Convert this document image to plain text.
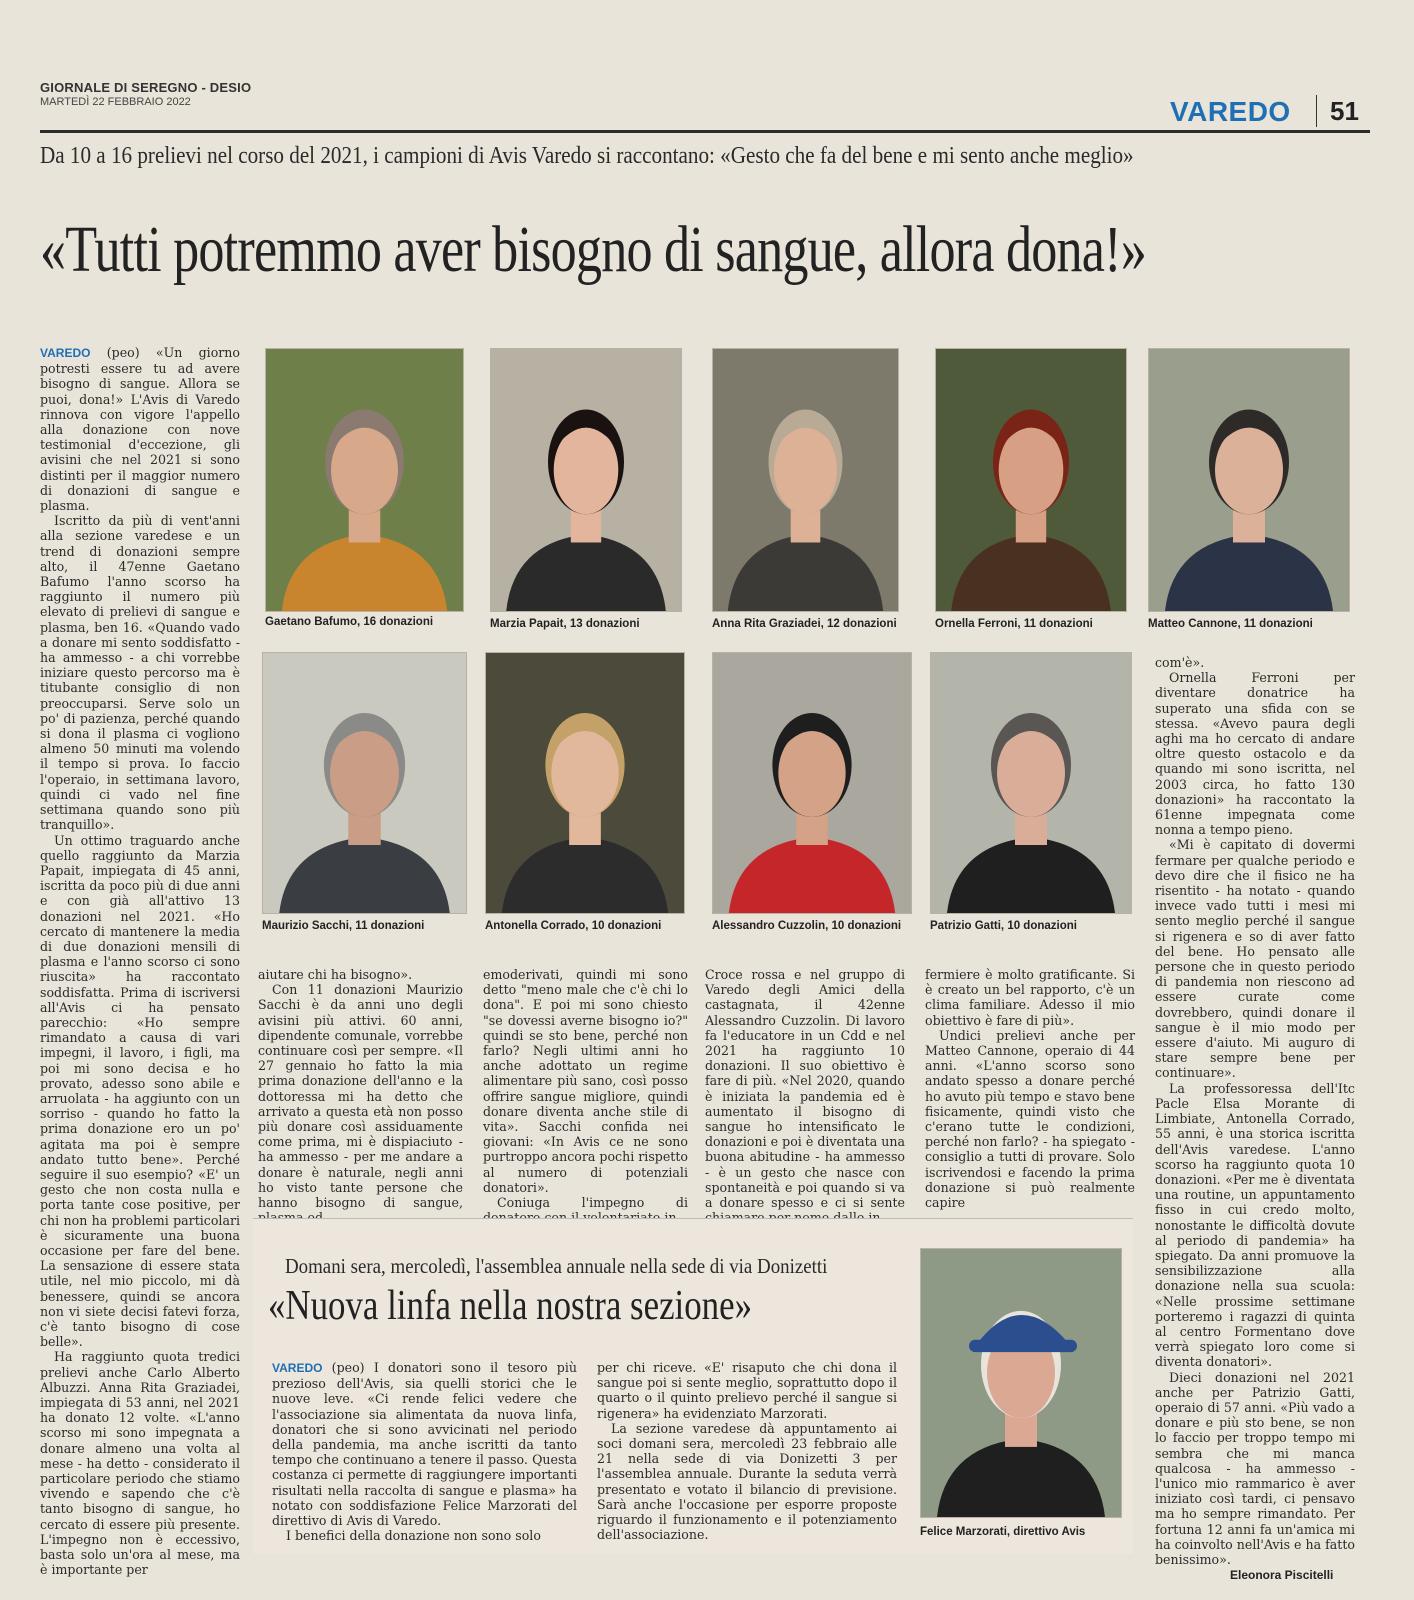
GIORNALE DI SEREGNO - DESIO
MARTEDÌ 22 FEBBRAIO 2022	VAREDO 51
Da 10 a 16 prelievi nel corso del 2021, i campioni di Avis Varedo si raccontano: «Gesto che fa del bene e mi sento anche meglio»
«Tutti potremmo aver bisogno di sangue, allora dona!»

VAREDO (peo) «Un giorno potresti essere tu ad avere bisogno di sangue. Allora se puoi, dona!» L'Avis di Varedo rinnova con vigore l'appello alla donazione con nove testimonial d'eccezione, gli avisini che nel 2021 si sono distinti per il maggior numero di donazioni di sangue e plasma.

Iscritto da più di vent'anni alla sezione varedese e un trend di donazioni sempre alto, il 47enne Gaetano Bafumo l'anno scorso ha raggiunto il numero più elevato di prelievi di sangue e plasma, ben 16. «Quando vado a donare mi sento soddisfatto - ha ammesso - a chi vorrebbe iniziare questo percorso ma è titubante consiglio di non preoccuparsi. Serve solo un po' di pazienza, perché quando si dona il plasma ci vogliono almeno 50 minuti ma volendo il tempo si prova. Io faccio l'operaio, in settimana lavoro, quindi ci vado nel fine settimana quando sono più tranquillo».

Un ottimo traguardo anche quello raggiunto da Marzia Papait, impiegata di 45 anni, iscritta da poco più di due anni e con già all'attivo 13 donazioni nel 2021. «Ho cercato di mantenere la media di due donazioni mensili di plasma e l'anno scorso ci sono riuscita» ha raccontato soddisfatta. Prima di iscriversi all'Avis ci ha pensato parecchio: «Ho sempre rimandato a causa di vari impegni, il lavoro, i figli, ma poi mi sono decisa e ho provato, adesso sono abile e arruolata - ha aggiunto con un sorriso - quando ho fatto la prima donazione ero un po' agitata ma poi è sempre andato tutto bene». Perché seguire il suo esempio? «E' un gesto che non costa nulla e porta tante cose positive, per chi non ha problemi particolari è sicuramente una buona occasione per fare del bene. La sensazione di essere stata utile, nel mio piccolo, mi dà benessere, quindi se ancora non vi siete decisi fatevi forza, c'è tanto bisogno di cose belle».

Ha raggiunto quota tredici prelievi anche Carlo Alberto Albuzzi. Anna Rita Graziadei, impiegata di 53 anni, nel 2021 ha donato 12 volte. «L'anno scorso mi sono impegnata a donare almeno una volta al mese - ha detto - considerato il particolare periodo che stiamo vivendo e sapendo che c'è tanto bisogno di sangue, ho cercato di essere più presente. L'impegno non è eccessivo, basta solo un'ora al mese, ma è importante per

Gaetano Bafumo, 16 donazioni	Marzia Papait, 13 donazioni	Anna Rita Graziadei, 12 donazioni	Ornella Ferroni, 11 donazioni	Matteo Cannone, 11 donazioni
Maurizio Sacchi, 11 donazioni	Antonella Corrado, 10 donazioni	Alessandro Cuzzolin, 10 donazioni	Patrizio Gatti, 10 donazioni

aiutare chi ha bisogno».

Con 11 donazioni Maurizio Sacchi è da anni uno degli avisini più attivi. 60 anni, dipendente comunale, vorrebbe continuare così per sempre. «Il 27 gennaio ho fatto la mia prima donazione dell'anno e la dottoressa mi ha detto che arrivato a questa età non posso più donare così assiduamente come prima, mi è dispiaciuto - ha ammesso - per me andare a donare è naturale, negli anni ho visto tante persone che hanno bisogno di sangue,

emoderivati, quindi mi sono detto "meno male che c'è chi lo dona". E poi mi sono chiesto "se dovessi averne bisogno io?" quindi se sto bene, perché non farlo? Negli ultimi anni ho anche adottato un regime alimentare più sano, così posso offrire sangue migliore, quindi donare diventa anche stile di vita». Sacchi confida nei giovani: «In Avis ce ne sono purtroppo ancora pochi rispetto al numero di potenziali donatori».

Coniuga l'impegno di

Croce rossa e nel gruppo di Varedo degli Amici della castagnata, il 42enne Alessandro Cuzzolin. Di lavoro fa l'educatore in un Cdd e nel 2021 ha raggiunto 10 donazioni. Il suo obiettivo è fare di più. «Nel 2020, quando è iniziata la pandemia ed è aumentato il bisogno di sangue ho intensificato le donazioni e poi è diventata una buona abitudine - ha ammesso - è un gesto che nasce con spontaneità e poi quando si va a donare spesso e ci si sente

fermiere è molto gratificante. Si è creato un bel rapporto, c'è un clima familiare. Adesso il mio obiettivo è fare di più».

Undici prelievi anche per Matteo Cannone, operaio di 44 anni. «L'anno scorso sono andato spesso a donare perché ho avuto più tempo e stavo bene fisicamente, quindi visto che c'erano tutte le condizioni, perché non farlo? - ha spiegato - consiglio a tutti di provare. Solo iscrivendosi e facendo la prima donazione si può realmente capire

com'è».

Ornella Ferroni per diventare donatrice ha superato una sfida con se stessa. «Avevo paura degli aghi ma ho cercato di andare oltre questo ostacolo e da quando mi sono iscritta, nel 2003 circa, ho fatto 130 donazioni» ha raccontato la 61enne impegnata come nonna a tempo pieno.

«Mi è capitato di dovermi fermare per qualche periodo e devo dire che il fisico ne ha risentito - ha notato - quando invece vado tutti i mesi mi sento meglio perché il sangue si rigenera e so di aver fatto del bene. Ho pensato alle persone che in questo periodo di pandemia non riescono ad essere curate come dovrebbero, quindi donare il sangue è il mio modo per essere d'aiuto. Mi auguro di stare sempre bene per continuare».

La professoressa dell'Itc Pacle Elsa Morante di Limbiate, Antonella Corrado, 55 anni, è una storica iscritta dell'Avis varedese. L'anno scorso ha raggiunto quota 10 donazioni. «Per me è diventata una routine, un appuntamento fisso in cui credo molto, nonostante le difficoltà dovute al periodo di pandemia» ha spiegato. Da anni promuove la sensibilizzazione alla donazione nella sua scuola: «Nelle prossime settimane porteremo i ragazzi di quinta al centro Formentano dove verrà spiegato loro come si diventa donatori».

Dieci donazioni nel 2021 anche per Patrizio Gatti, operaio di 57 anni. «Più vado a donare e più sto bene, se non lo faccio per troppo tempo mi sembra che mi manca qualcosa - ha ammesso - l'unico mio rammarico è aver iniziato così tardi, ci pensavo ma ho sempre rimandato. Per fortuna 12 anni fa un'amica mi ha coinvolto nell'Avis e ha fatto benissimo».

Eleonora Piscitelli
Domani sera, mercoledì, l'assemblea annuale nella sede di via Donizetti
«Nuova linfa nella nostra sezione»

VAREDO (peo) I donatori sono il tesoro più prezioso dell'Avis, sia quelli storici che le nuove leve. «Ci rende felici vedere che l'associazione sia alimentata da nuova linfa, donatori che si sono avvicinati nel periodo della pandemia, ma anche iscritti da tanto tempo che continuano a tenere il passo. Questa costanza ci permette di raggiungere importanti risultati nella raccolta di sangue e plasma» ha notato con soddisfazione Felice Marzorati del direttivo di Avis di Varedo.

I benefici della donazione non sono solo

per chi riceve. «E' risaputo che chi dona il sangue poi si sente meglio, soprattutto dopo il quarto o il quinto prelievo perché il sangue si rigenera» ha evidenziato Marzorati.

La sezione varedese dà appuntamento ai soci domani sera, mercoledì 23 febbraio alle 21 nella sede di via Donizetti 3 per l'assemblea annuale. Durante la seduta verrà presentato e votato il bilancio di previsione. Sarà anche l'occasione per esporre proposte riguardo il funzionamento e il potenziamento dell'associazione.	Felice Marzorati, direttivo Avis
